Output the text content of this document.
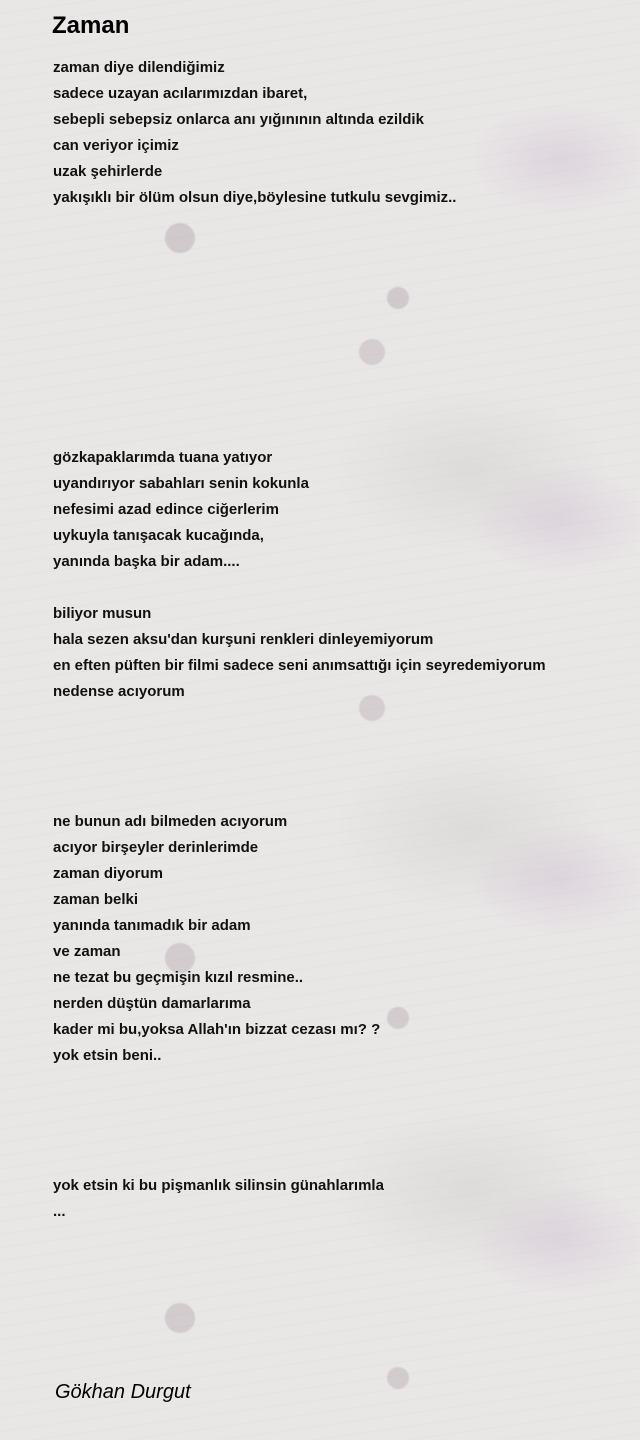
Zaman
zaman diye dilendiğimiz
sadece uzayan acılarımızdan ibaret,
sebepli sebepsiz onlarca anı yığınının altında ezildik
can veriyor içimiz
uzak şehirlerde
yakışıklı bir ölüm olsun diye,böylesine tutkulu sevgimiz..
gözkapaklarımda tuana yatıyor
uyandırıyor sabahları senin kokunla
nefesimi azad edince ciğerlerim
uykuyla tanışacak kucağında,
yanında başka bir adam....
biliyor musun
hala sezen aksu'dan kurşuni renkleri dinleyemiyorum
en eften püften bir filmi sadece seni anımsattığı için seyredemiyorum
nedense acıyorum
ne bunun adı bilmeden acıyorum
acıyor birşeyler derinlerimde
zaman diyorum
zaman belki
yanında tanımadık bir adam
ve zaman
ne tezat bu geçmişin kızıl resmine..
nerden düştün damarlarıma
kader mi bu,yoksa Allah'ın bizzat cezası mı? ?
yok etsin beni..
yok etsin ki bu pişmanlık silinsin günahlarımla
...
Gökhan Durgut
